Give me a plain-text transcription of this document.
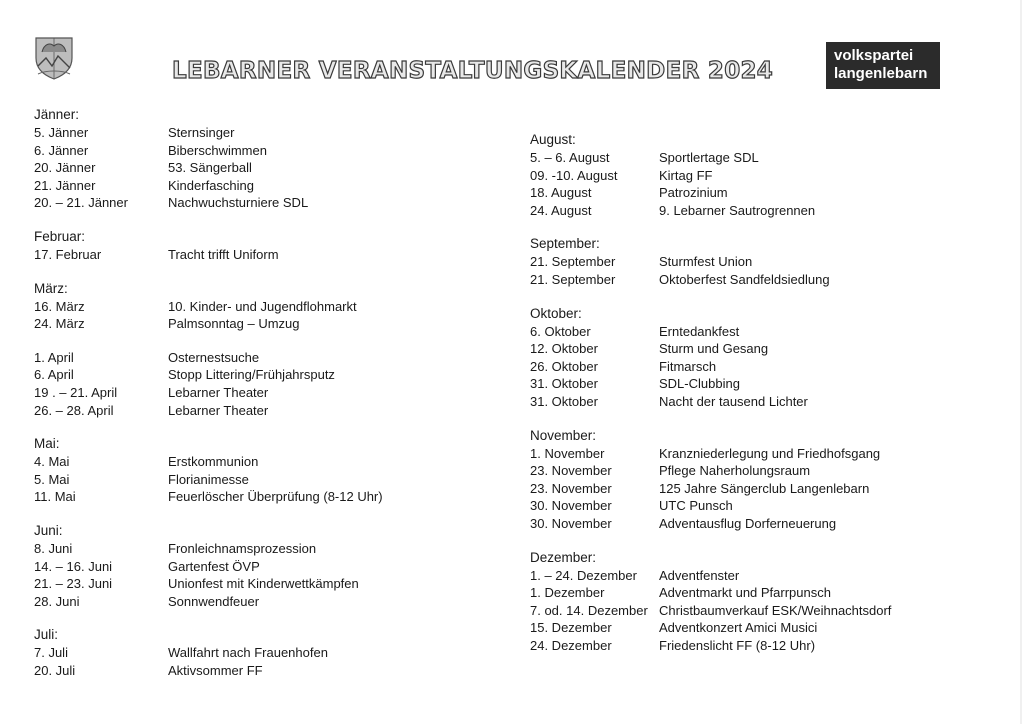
LEBARNER VERANSTALTUNGSKALENDER 2024
volkspartei
langenlebarn
Jänner:
5. Jänner	Sternsinger
6. Jänner	Biberschwimmen
20. Jänner	53. Sängerball
21. Jänner	Kinderfasching
20. – 21. Jänner	Nachwuchsturniere SDL
Februar:
17. Februar	Tracht trifft Uniform
März:
16. März	10. Kinder- und Jugendflohmarkt
24. März	Palmsonntag – Umzug
1. April	Osternestsuche
6. April	Stopp Littering/Frühjahrsputz
19 . – 21. April	Lebarner Theater
26. – 28. April	Lebarner Theater
Mai:
4. Mai	Erstkommunion
5. Mai	Florianimesse
11. Mai	Feuerlöscher Überprüfung (8-12 Uhr)
Juni:
8. Juni	Fronleichnamsprozession
14. – 16. Juni	Gartenfest ÖVP
21. – 23. Juni	Unionfest mit Kinderwettkämpfen
28. Juni	Sonnwendfeuer
Juli:
7. Juli	Wallfahrt nach Frauenhofen
20. Juli	Aktivsommer FF
August:
5. – 6. August	Sportlertage SDL
09. -10. August	Kirtag FF
18. August	Patrozinium
24. August	9. Lebarner Sautrogrennen
September:
21. September	Sturmfest Union
21. September	Oktoberfest Sandfeldsiedlung
Oktober:
6. Oktober	Erntedankfest
12. Oktober	Sturm und Gesang
26. Oktober	Fitmarsch
31. Oktober	SDL-Clubbing
31. Oktober	Nacht der tausend Lichter
November:
1. November	Kranzniederlegung und Friedhofsgang
23. November	Pflege Naherholungsraum
23. November	125 Jahre Sängerclub Langenlebarn
30. November	UTC Punsch
30. November	Adventausflug Dorferneuerung
Dezember:
1. – 24. Dezember	Adventfenster
1. Dezember	Adventmarkt und Pfarrpunsch
7. od. 14. Dezember Christbaumverkauf ESK/Weihnachtsdorf
15. Dezember	Adventkonzert Amici Musici
24. Dezember	Friedenslicht FF (8-12 Uhr)
